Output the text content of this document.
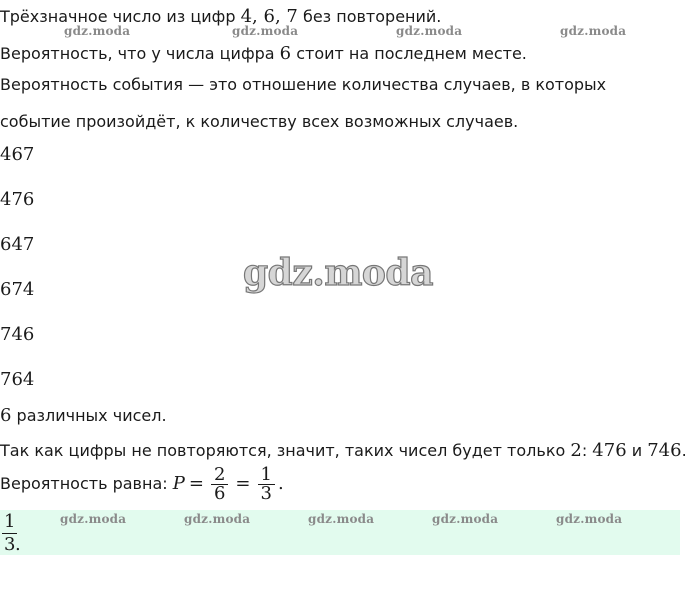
Трёхзначное число из цифр 4, 6, 7 без повторений.
Вероятность, что у числа цифра 6 стоит на последнем месте.
Вероятность события — это отношение количества случаев, в которых
событие произойдёт, к количеству всех возможных случаев.
467
476
647
674
746
764
6 различных чисел.
Так как цифры не повторяются, значит, таких чисел будет только 2: 476 и 746.
Вероятность равна: $P = \frac{2}{6} = \frac{1}{3}$ .
$\frac{1}{3}$
.
gdz.moda	gdz.moda	gdz.moda	gdz.moda	gdz.moda
gdz.moda	gdz.moda	gdz.moda	gdz.moda
gdz.moda
